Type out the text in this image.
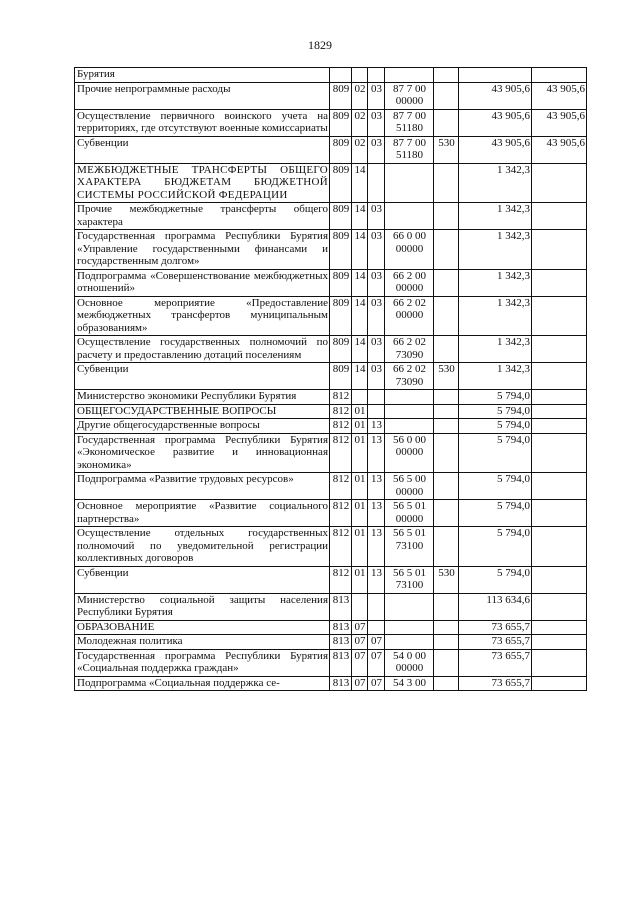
1829
Бурятия							
Прочие непрограммные расходы	809	02	03	87 7 00 00000		43 905,6	43 905,6
Осуществление первичного воинского учета на территориях, где отсутствуют военные комиссариаты	809	02	03	87 7 00 51180		43 905,6	43 905,6
Субвенции	809	02	03	87 7 00 51180	530	43 905,6	43 905,6
МЕЖБЮДЖЕТНЫЕ ТРАНСФЕРТЫ ОБЩЕГО ХАРАКТЕРА БЮДЖЕТАМ БЮДЖЕТНОЙ СИСТЕМЫ РОССИЙСКОЙ ФЕДЕРАЦИИ	809	14				1 342,3	
Прочие межбюджетные трансферты общего характера	809	14	03			1 342,3	
Государственная программа Республики Бурятия «Управление государственными финансами и государственным долгом»	809	14	03	66 0 00 00000		1 342,3	
Подпрограмма «Совершенствование межбюджетных отношений»	809	14	03	66 2 00 00000		1 342,3	
Основное мероприятие «Предоставление межбюджетных трансфертов муниципальным образованиям»	809	14	03	66 2 02 00000		1 342,3	
Осуществление государственных полномочий по расчету и предоставлению дотаций поселениям	809	14	03	66 2 02 73090		1 342,3	
Субвенции	809	14	03	66 2 02 73090	530	1 342,3	
Министерство экономики Республики Бурятия	812					5 794,0	
ОБЩЕГОСУДАРСТВЕННЫЕ ВОПРОСЫ	812	01				5 794,0	
Другие общегосударственные вопросы	812	01	13			5 794,0	
Государственная программа Республики Бурятия «Экономическое развитие и инновационная экономика»	812	01	13	56 0 00 00000		5 794,0	
Подпрограмма «Развитие трудовых ресурсов»	812	01	13	56 5 00 00000		5 794,0	
Основное мероприятие «Развитие социального партнерства»	812	01	13	56 5 01 00000		5 794,0	
Осуществление отдельных государственных полномочий по уведомительной регистрации коллективных договоров	812	01	13	56 5 01 73100		5 794,0	
Субвенции	812	01	13	56 5 01 73100	530	5 794,0	
Министерство социальной защиты населения Республики Бурятия	813					113 634,6	
ОБРАЗОВАНИЕ	813	07				73 655,7	
Молодежная политика	813	07	07			73 655,7	
Государственная программа Республики Бурятия «Социальная поддержка граждан»	813	07	07	54 0 00 00000		73 655,7	
Подпрограмма «Социальная поддержка се-	813	07	07	54 3 00		73 655,7	
